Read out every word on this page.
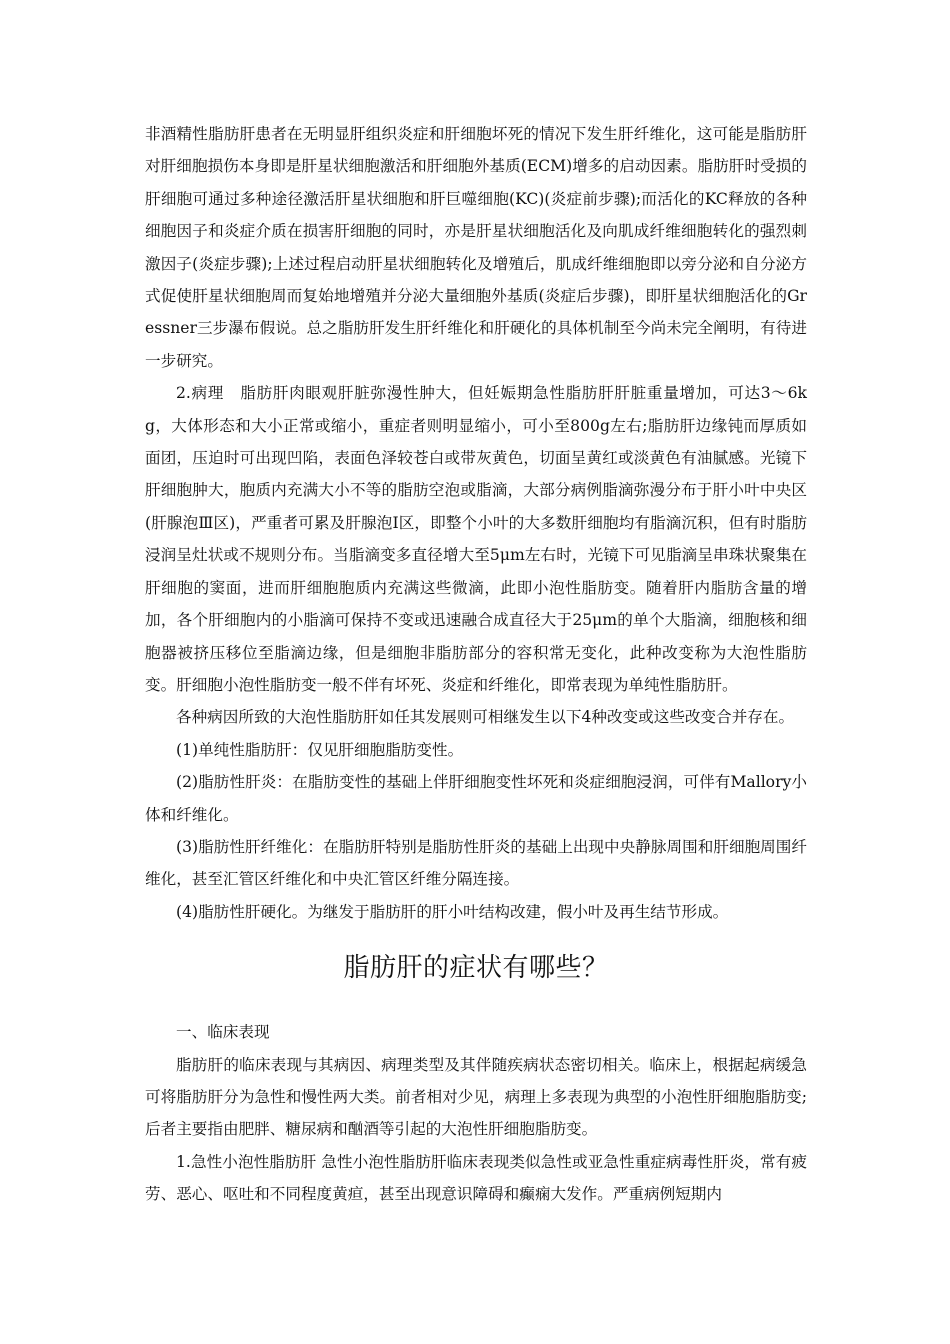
非酒精性脂肪肝患者在无明显肝组织炎症和肝细胞坏死的情况下发生肝纤维化，这可能是脂肪肝对肝细胞损伤本身即是肝星状细胞激活和肝细胞外基质(ECM)增多的启动因素。脂肪肝时受损的肝细胞可通过多种途径激活肝星状细胞和肝巨噬细胞(KC)(炎症前步骤);而活化的KC释放的各种细胞因子和炎症介质在损害肝细胞的同时，亦是肝星状细胞活化及向肌成纤维细胞转化的强烈刺激因子(炎症步骤);上述过程启动肝星状细胞转化及增殖后，肌成纤维细胞即以旁分泌和自分泌方式促使肝星状细胞周而复始地增殖并分泌大量细胞外基质(炎症后步骤)，即肝星状细胞活化的Gressner三步瀑布假说。总之脂肪肝发生肝纤维化和肝硬化的具体机制至今尚未完全阐明，有待进一步研究。

2.病理　脂肪肝肉眼观肝脏弥漫性肿大，但妊娠期急性脂肪肝肝脏重量增加，可达3～6kg，大体形态和大小正常或缩小，重症者则明显缩小，可小至800g左右;脂肪肝边缘钝而厚质如面团，压迫时可出现凹陷，表面色泽较苍白或带灰黄色，切面呈黄红或淡黄色有油腻感。光镜下肝细胞肿大，胞质内充满大小不等的脂肪空泡或脂滴，大部分病例脂滴弥漫分布于肝小叶中央区(肝腺泡Ⅲ区)，严重者可累及肝腺泡Ⅰ区，即整个小叶的大多数肝细胞均有脂滴沉积，但有时脂肪浸润呈灶状或不规则分布。当脂滴变多直径增大至5μm左右时，光镜下可见脂滴呈串珠状聚集在肝细胞的窦面，进而肝细胞胞质内充满这些微滴，此即小泡性脂肪变。随着肝内脂肪含量的增加，各个肝细胞内的小脂滴可保持不变或迅速融合成直径大于25μm的单个大脂滴，细胞核和细胞器被挤压移位至脂滴边缘，但是细胞非脂肪部分的容积常无变化，此种改变称为大泡性脂肪变。肝细胞小泡性脂肪变一般不伴有坏死、炎症和纤维化，即常表现为单纯性脂肪肝。

各种病因所致的大泡性脂肪肝如任其发展则可相继发生以下4种改变或这些改变合并存在。

(1)单纯性脂肪肝：仅见肝细胞脂肪变性。

(2)脂肪性肝炎：在脂肪变性的基础上伴肝细胞变性坏死和炎症细胞浸润，可伴有Mallory小体和纤维化。

(3)脂肪性肝纤维化：在脂肪肝特别是脂肪性肝炎的基础上出现中央静脉周围和肝细胞周围纤维化，甚至汇管区纤维化和中央汇管区纤维分隔连接。

(4)脂肪性肝硬化。为继发于脂肪肝的肝小叶结构改建，假小叶及再生结节形成。

脂肪肝的症状有哪些？

一、临床表现

脂肪肝的临床表现与其病因、病理类型及其伴随疾病状态密切相关。临床上，根据起病缓急可将脂肪肝分为急性和慢性两大类。前者相对少见，病理上多表现为典型的小泡性肝细胞脂肪变;后者主要指由肥胖、糖尿病和酗酒等引起的大泡性肝细胞脂肪变。

1.急性小泡性脂肪肝 急性小泡性脂肪肝临床表现类似急性或亚急性重症病毒性肝炎，常有疲劳、恶心、呕吐和不同程度黄疸，甚至出现意识障碍和癫痫大发作。严重病例短期内
